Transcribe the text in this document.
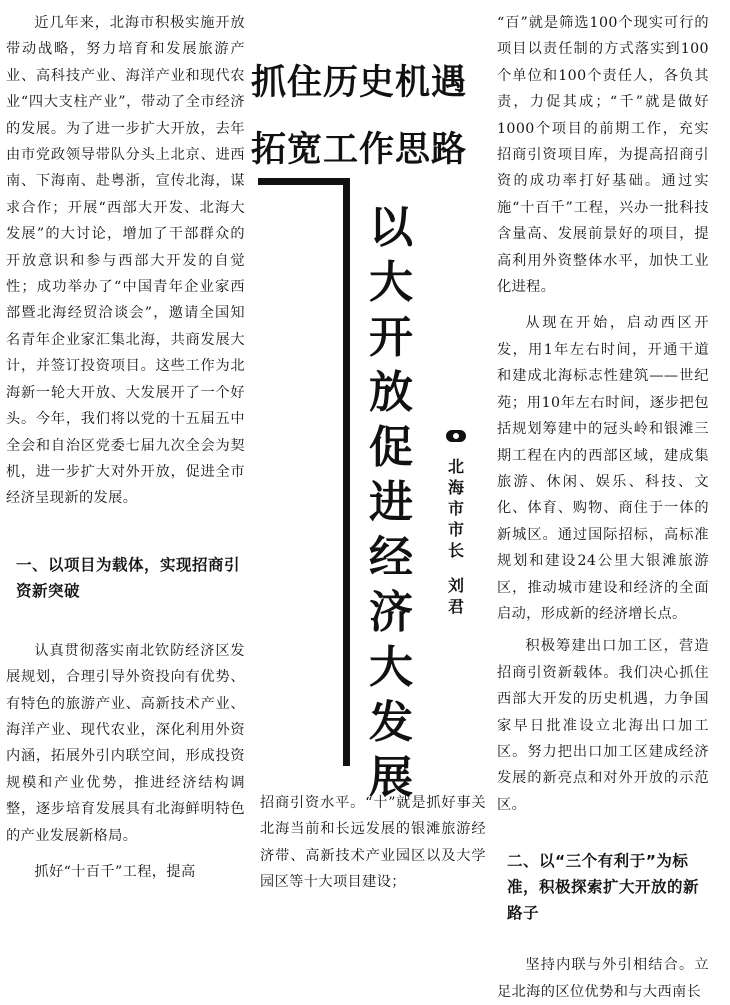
近几年来，北海市积极实施开放带动战略，努力培育和发展旅游产业、高科技产业、海洋产业和现代农业“四大支柱产业”，带动了全市经济的发展。为了进一步扩大开放，去年由市党政领导带队分头上北京、进西南、下海南、赴粤浙，宣传北海，谋求合作；开展“西部大开发、北海大发展”的大讨论，增加了干部群众的开放意识和参与西部大开发的自觉性；成功举办了“中国青年企业家西部暨北海经贸洽谈会”，邀请全国知名青年企业家汇集北海，共商发展大计，并签订投资项目。这些工作为北海新一轮大开放、大发展开了一个好头。今年，我们将以党的十五届五中全会和自治区党委七届九次全会为契机，进一步扩大对外开放，促进全市经济呈现新的发展。

一、以项目为载体，实现招商引资新突破

认真贯彻落实南北钦防经济区发展规划，合理引导外资投向有优势、有特色的旅游产业、高新技术产业、海洋产业、现代农业，深化利用外资内涵，拓展外引内联空间，形成投资规模和产业优势，推进经济结构调整，逐步培育发展具有北海鲜明特色的产业发展新格局。

抓好“十百千”工程，提高

抓住历史机遇
拓宽工作思路
以
大
开
放
促
进
经
济
大
发
展
北
海
市
市
长
刘
君

招商引资水平。“十”就是抓好事关北海当前和长远发展的银滩旅游经济带、高新技术产业园区以及大学园区等十大项目建设；

“百”就是筛选100个现实可行的项目以责任制的方式落实到100个单位和100个责任人，各负其责，力促其成；“千”就是做好1000个项目的前期工作，充实招商引资项目库，为提高招商引资的成功率打好基础。通过实施“十百千”工程，兴办一批科技含量高、发展前景好的项目，提高利用外资整体水平，加快工业化进程。

从现在开始，启动西区开发，用1年左右时间，开通干道和建成北海标志性建筑——世纪苑；用10年左右时间，逐步把包括规划筹建中的冠头岭和银滩三期工程在内的西部区域，建成集旅游、休闲、娱乐、科技、文化、体育、购物、商住于一体的新城区。通过国际招标，高标准规划和建设24公里大银滩旅游区，推动城市建设和经济的全面启动，形成新的经济增长点。

积极筹建出口加工区，营造招商引资新载体。我们决心抓住西部大开发的历史机遇，力争国家早日批准设立北海出口加工区。努力把出口加工区建成经济发展的新亮点和对外开放的示范区。

二、以“三个有利于”为标准，积极探索扩大开放的新路子

坚持内联与外引相结合。立足北海的区位优势和与大西南长
